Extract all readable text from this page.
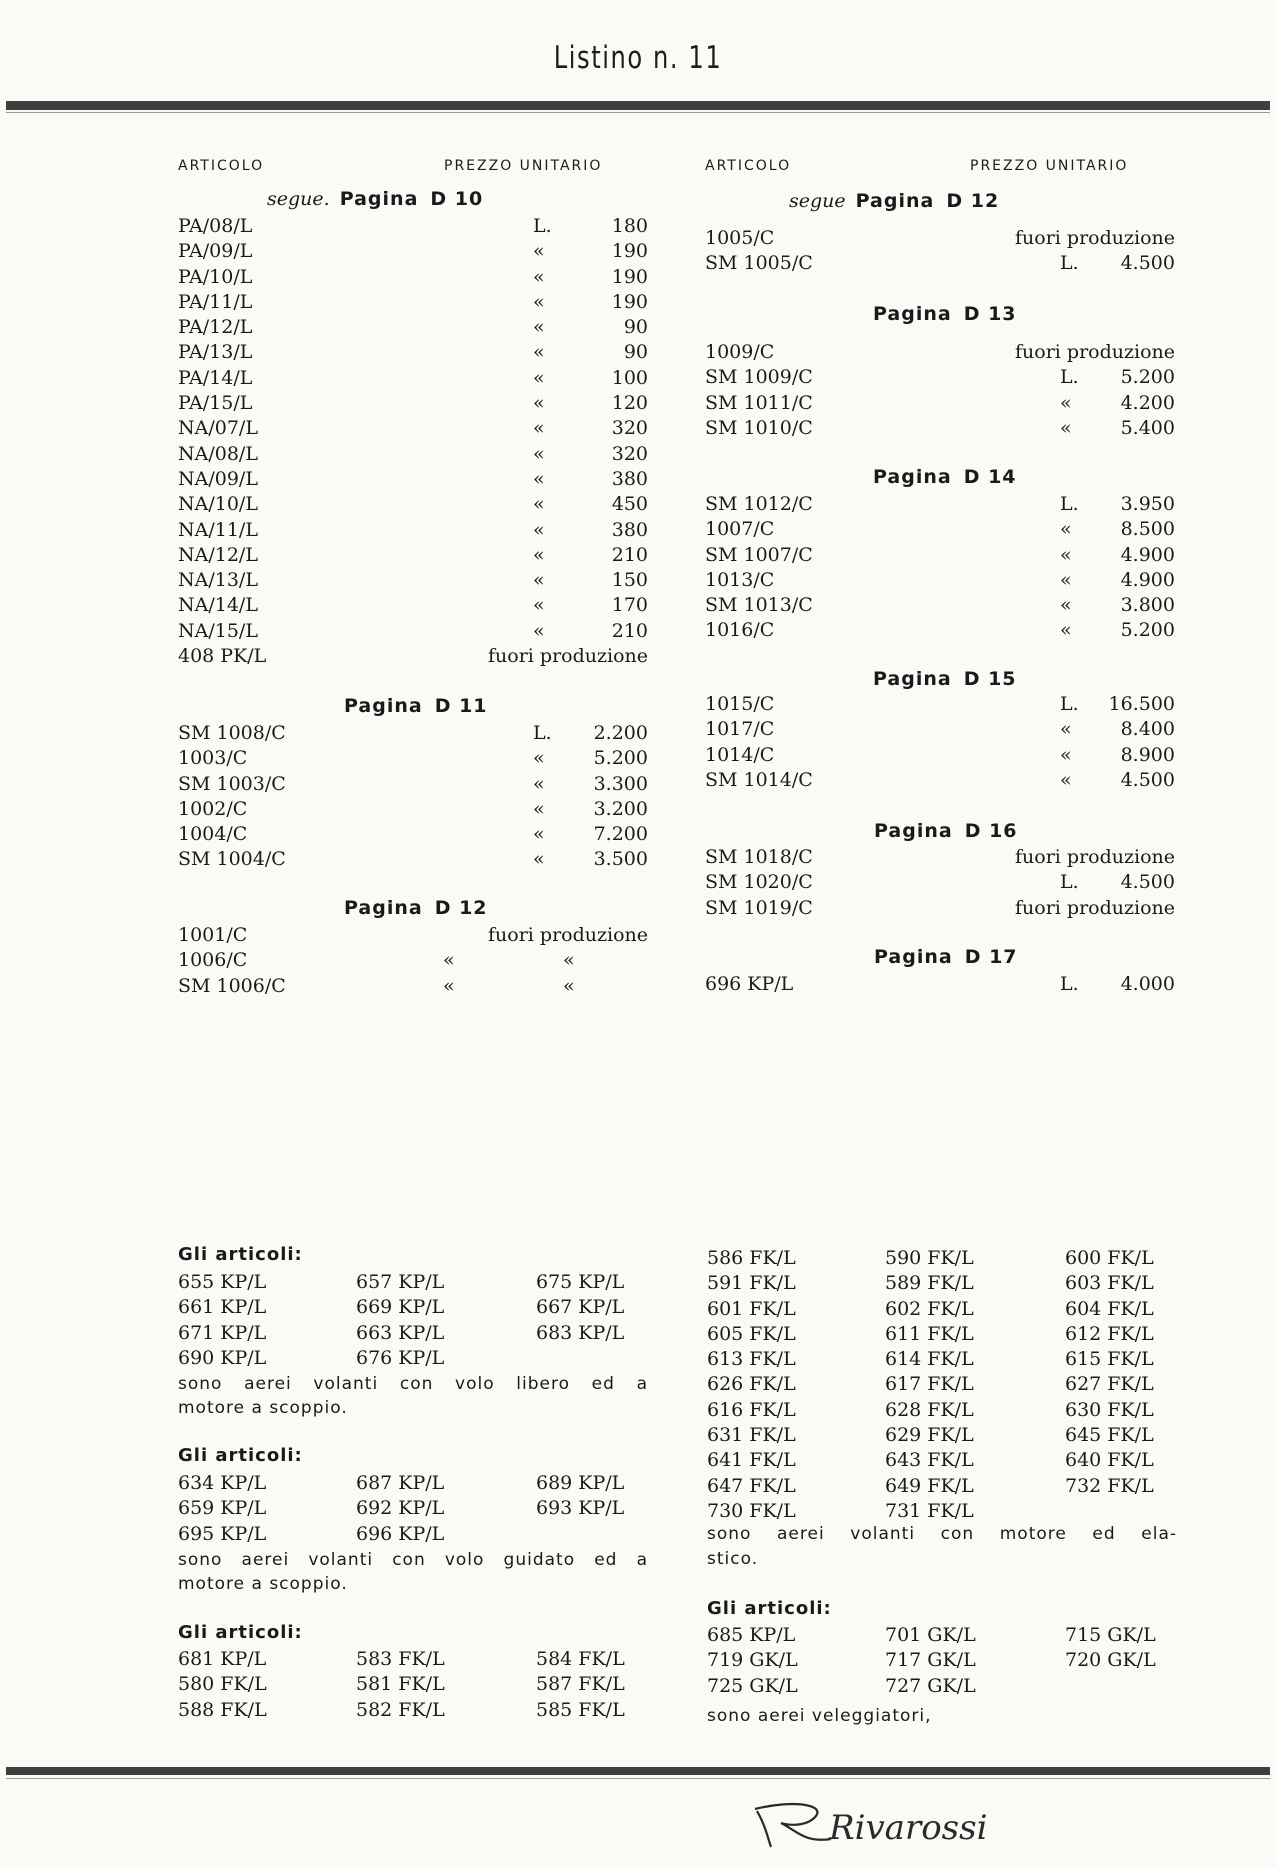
Listino n. 11
ARTICOLO	PREZZO UNITARIO	ARTICOLO	PREZZO UNITARIO
segue. Pagina D 10
PA/08/L	L.	180
PA/09/L	«	190
PA/10/L	«	190
PA/11/L	«	190
PA/12/L	«	90
PA/13/L	«	90
PA/14/L	«	100
PA/15/L	«	120
NA/07/L	«	320
NA/08/L	«	320
NA/09/L	«	380
NA/10/L	«	450
NA/11/L	«	380
NA/12/L	«	210
NA/13/L	«	150
NA/14/L	«	170
NA/15/L	«	210
408 PK/L	fuori produzione
Pagina D 11
SM 1008/C	L. 2.200
1003/C	«	5.200
SM 1003/C	«	3.300
1002/C	«	3.200
1004/C	«	7.200
SM 1004/C	«	3.500
Pagina D 12
1001/C	fuori produzione
1006/C	«	«
SM 1006/C	«	«
segue Pagina D 12
1005/C	fuori produzione
SM 1005/C	L. 4.500
Pagina D 13
1009/C	fuori produzione
SM 1009/C	L. 5.200
SM 1011/C	«	4.200
SM 1010/C	«	5.400
Pagina D 14
SM 1012/C	L. 3.950
1007/C	«	8.500
SM 1007/C	«	4.900
1013/C	«	4.900
SM 1013/C	«	3.800
1016/C	«	5.200
Pagina D 15
1015/C	L. 16.500
1017/C	«	8.400
1014/C	«	8.900
SM 1014/C	«	4.500
Pagina D 16
SM 1018/C	fuori produzione
SM 1020/C	L. 4.500
SM 1019/C	fuori produzione
Pagina D 17
696 KP/L	L. 4.000
Gli articoli:
655 KP/L	657 KP/L	675 KP/L
661 KP/L	669 KP/L	667 KP/L
671 KP/L	663 KP/L	683 KP/L
690 KP/L	676 KP/L
sono aerei volanti con volo libero ed a
motore a scoppio.
Gli articoli:
634 KP/L	687 KP/L	689 KP/L
659 KP/L	692 KP/L	693 KP/L
695 KP/L	696 KP/L
sono aerei volanti con volo guidato ed a
motore a scoppio.
Gli articoli:
681 KP/L	583 FK/L	584 FK/L
580 FK/L	581 FK/L	587 FK/L
588 FK/L	582 FK/L	585 FK/L
586 FK/L	590 FK/L	600 FK/L
591 FK/L	589 FK/L	603 FK/L
601 FK/L	602 FK/L	604 FK/L
605 FK/L	611 FK/L	612 FK/L
613 FK/L	614 FK/L	615 FK/L
626 FK/L	617 FK/L	627 FK/L
616 FK/L	628 FK/L	630 FK/L
631 FK/L	629 FK/L	645 FK/L
641 FK/L	643 FK/L	640 FK/L
647 FK/L	649 FK/L	732 FK/L
730 FK/L	731 FK/L
sono aerei volanti con motore ed ela-
stico.
Gli articoli:
685 KP/L	701 GK/L	715 GK/L
719 GK/L	717 GK/L	720 GK/L
725 GK/L	727 GK/L
sono aerei veleggiatori,
Rivarossi
